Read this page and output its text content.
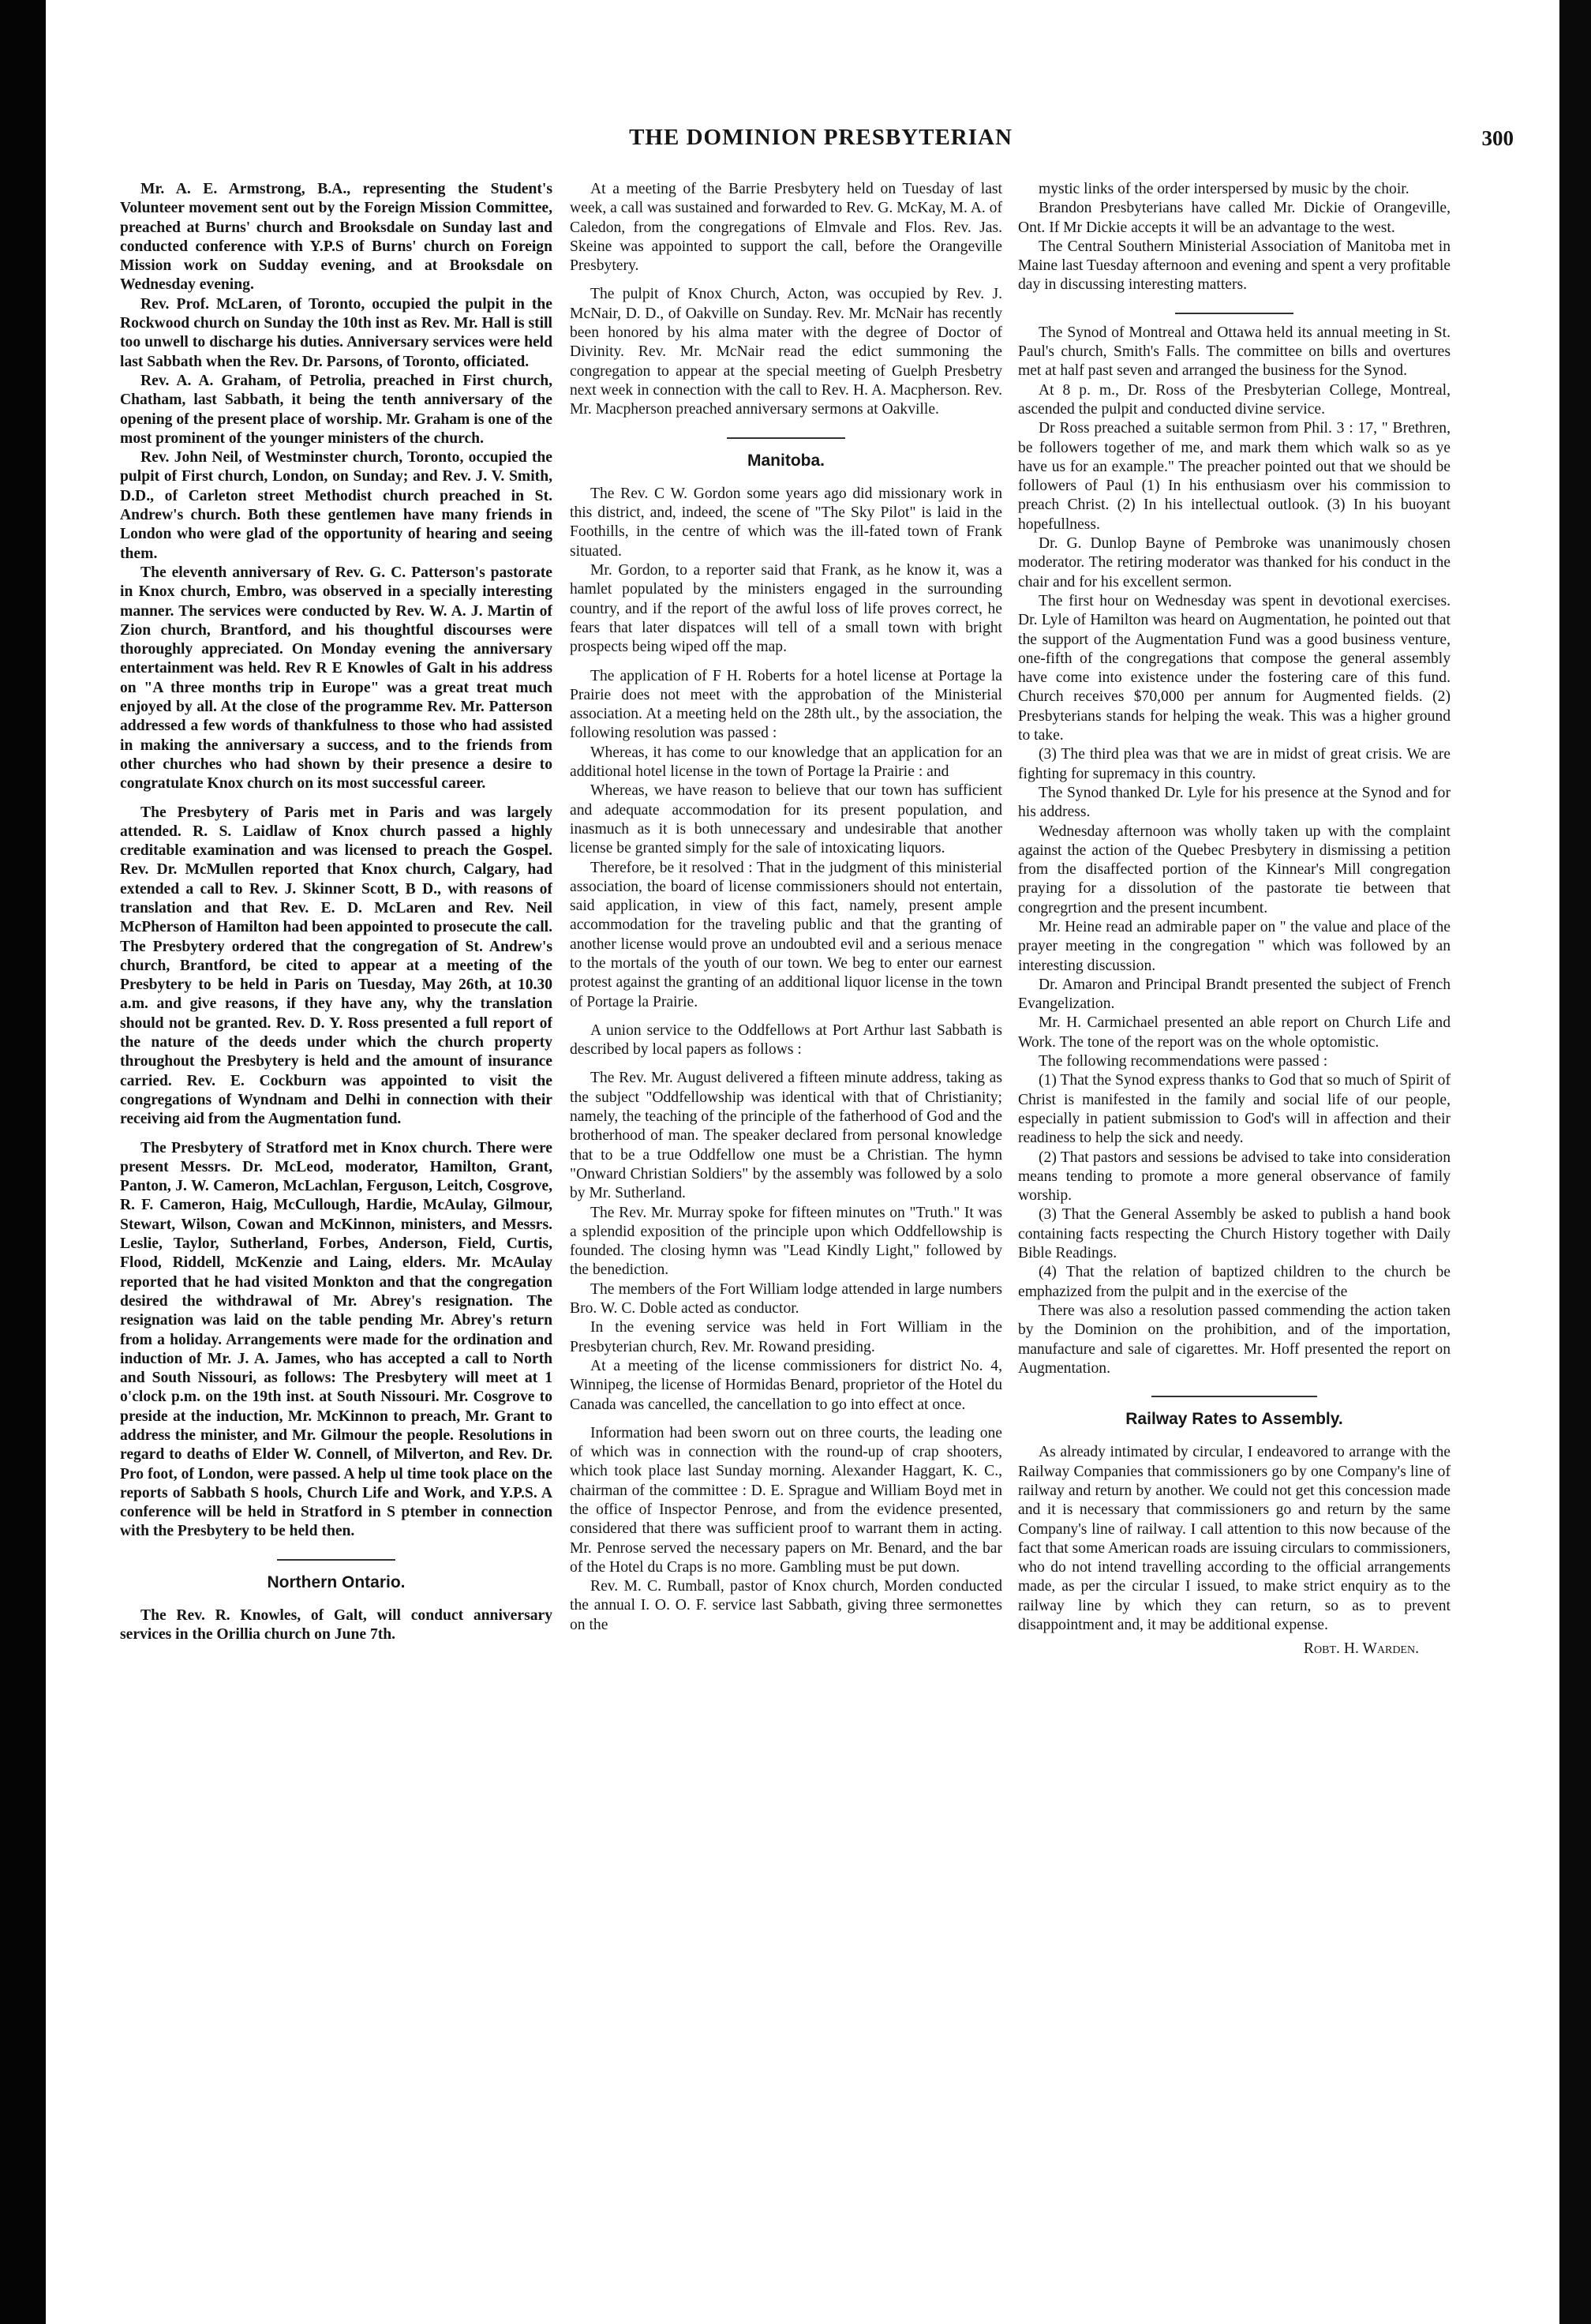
THE DOMINION PRESBYTERIAN	300

Mr. A. E. Armstrong, B.A., representing the Student's Volunteer movement sent out by the Foreign Mission Committee, preached at Burns' church and Brooksdale on Sunday last and conducted conference with Y.P.S of Burns' church on Foreign Mission work on Sudday evening, and at Brooksdale on Wednesday evening.

Rev. Prof. McLaren, of Toronto, occupied the pulpit in the Rockwood church on Sunday the 10th inst as Rev. Mr. Hall is still too unwell to discharge his duties. Anniversary services were held last Sabbath when the Rev. Dr. Parsons, of Toronto, officiated.

Rev. A. A. Graham, of Petrolia, preached in First church, Chatham, last Sabbath, it being the tenth anniversary of the opening of the present place of worship. Mr. Graham is one of the most prominent of the younger ministers of the church.

Rev. John Neil, of Westminster church, Toronto, occupied the pulpit of First church, London, on Sunday; and Rev. J. V. Smith, D.D., of Carleton street Methodist church preached in St. Andrew's church. Both these gentlemen have many friends in London who were glad of the opportunity of hearing and seeing them.

The eleventh anniversary of Rev. G. C. Patterson's pastorate in Knox church, Embro, was observed in a specially interesting manner. The services were conducted by Rev. W. A. J. Martin of Zion church, Brantford, and his thoughtful discourses were thoroughly appreciated. On Monday evening the anniversary entertainment was held. Rev R E Knowles of Galt in his address on "A three months trip in Europe" was a great treat much enjoyed by all. At the close of the programme Rev. Mr. Patterson addressed a few words of thankfulness to those who had assisted in making the anniversary a success, and to the friends from other churches who had shown by their presence a desire to congratulate Knox church on its most successful career.

The Presbytery of Paris met in Paris and was largely attended. R. S. Laidlaw of Knox church passed a highly creditable examination and was licensed to preach the Gospel. Rev. Dr. McMullen reported that Knox church, Calgary, had extended a call to Rev. J. Skinner Scott, B D., with reasons of translation and that Rev. E. D. McLaren and Rev. Neil McPherson of Hamilton had been appointed to prosecute the call. The Presbytery ordered that the congregation of St. Andrew's church, Brantford, be cited to appear at a meeting of the Presbytery to be held in Paris on Tuesday, May 26th, at 10.30 a.m. and give reasons, if they have any, why the translation should not be granted. Rev. D. Y. Ross presented a full report of the nature of the deeds under which the church property throughout the Presbytery is held and the amount of insurance carried. Rev. E. Cockburn was appointed to visit the congregations of Wyndnam and Delhi in connection with their receiving aid from the Augmentation fund.

The Presbytery of Stratford met in Knox church. There were present Messrs. Dr. McLeod, moderator, Hamilton, Grant, Panton, J. W. Cameron, McLachlan, Ferguson, Leitch, Cosgrove, R. F. Cameron, Haig, McCullough, Hardie, McAulay, Gilmour, Stewart, Wilson, Cowan and McKinnon, ministers, and Messrs. Leslie, Taylor, Sutherland, Forbes, Anderson, Field, Curtis, Flood, Riddell, McKenzie and Laing, elders. Mr. McAulay reported that he had visited Monkton and that the congregation desired the withdrawal of Mr. Abrey's resignation. The resignation was laid on the table pending Mr. Abrey's return from a holiday. Arrangements were made for the ordination and induction of Mr. J. A. James, who has accepted a call to North and South Nissouri, as follows: The Presbytery will meet at 1 o'clock p.m. on the 19th inst. at South Nissouri. Mr. Cosgrove to preside at the induction, Mr. McKinnon to preach, Mr. Grant to address the minister, and Mr. Gilmour the people. Resolutions in regard to deaths of Elder W. Connell, of Milverton, and Rev. Dr. Pro foot, of London, were passed. A help ul time took place on the reports of Sabbath S hools, Church Life and Work, and Y.P.S. A conference will be held in Stratford in S ptember in connection with the Presbytery to be held then.

Northern Ontario.

The Rev. R. Knowles, of Galt, will conduct anniversary services in the Orillia church on June 7th.

At a meeting of the Barrie Presbytery held on Tuesday of last week, a call was sustained and forwarded to Rev. G. McKay, M. A. of Caledon, from the congregations of Elmvale and Flos. Rev. Jas. Skeine was appointed to support the call, before the Orangeville Presbytery.

The pulpit of Knox Church, Acton, was occupied by Rev. J. McNair, D. D., of Oakville on Sunday. Rev. Mr. McNair has recently been honored by his alma mater with the degree of Doctor of Divinity. Rev. Mr. McNair read the edict summoning the congregation to appear at the special meeting of Guelph Presbetry next week in connection with the call to Rev. H. A. Macpherson. Rev. Mr. Macpherson preached anniversary sermons at Oakville.

Manitoba.

The Rev. C W. Gordon some years ago did missionary work in this district, and, indeed, the scene of "The Sky Pilot" is laid in the Foothills, in the centre of which was the ill-fated town of Frank situated.

Mr. Gordon, to a reporter said that Frank, as he know it, was a hamlet populated by the ministers engaged in the surrounding country, and if the report of the awful loss of life proves correct, he fears that later dispatces will tell of a small town with bright prospects being wiped off the map.

The application of F H. Roberts for a hotel license at Portage la Prairie does not meet with the approbation of the Ministerial association. At a meeting held on the 28th ult., by the association, the following resolution was passed :

Whereas, it has come to our knowledge that an application for an additional hotel license in the town of Portage la Prairie : and

Whereas, we have reason to believe that our town has sufficient and adequate accommodation for its present population, and inasmuch as it is both unnecessary and undesirable that another license be granted simply for the sale of intoxicating liquors.

Therefore, be it resolved : That in the judgment of this ministerial association, the board of license commissioners should not entertain, said application, in view of this fact, namely, present ample accommodation for the traveling public and that the granting of another license would prove an undoubted evil and a serious menace to the mortals of the youth of our town. We beg to enter our earnest protest against the granting of an additional liquor license in the town of Portage la Prairie.

A union service to the Oddfellows at Port Arthur last Sabbath is described by local papers as follows :

The Rev. Mr. August delivered a fifteen minute address, taking as the subject "Oddfellowship was identical with that of Christianity; namely, the teaching of the principle of the fatherhood of God and the brotherhood of man. The speaker declared from personal knowledge that to be a true Oddfellow one must be a Christian. The hymn "Onward Christian Soldiers" by the assembly was followed by a solo by Mr. Sutherland.

The Rev. Mr. Murray spoke for fifteen minutes on "Truth." It was a splendid exposition of the principle upon which Oddfellowship is founded. The closing hymn was "Lead Kindly Light," followed by the benediction.

The members of the Fort William lodge attended in large numbers Bro. W. C. Doble acted as conductor.

In the evening service was held in Fort William in the Presbyterian church, Rev. Mr. Rowand presiding.

At a meeting of the license commissioners for district No. 4, Winnipeg, the license of Hormidas Benard, proprietor of the Hotel du Canada was cancelled, the cancellation to go into effect at once.

Information had been sworn out on three courts, the leading one of which was in connection with the round-up of crap shooters, which took place last Sunday morning. Alexander Haggart, K. C., chairman of the committee : D. E. Sprague and William Boyd met in the office of Inspector Penrose, and from the evidence presented, considered that there was sufficient proof to warrant them in acting. Mr. Penrose served the necessary papers on Mr. Benard, and the bar of the Hotel du Craps is no more. Gambling must be put down.

Rev. M. C. Rumball, pastor of Knox church, Morden conducted the annual I. O. O. F. service last Sabbath, giving three sermonettes on the

mystic links of the order interspersed by music by the choir.

Brandon Presbyterians have called Mr. Dickie of Orangeville, Ont. If Mr Dickie accepts it will be an advantage to the west.

The Central Southern Ministerial Association of Manitoba met in Maine last Tuesday afternoon and evening and spent a very profitable day in discussing interesting matters.

The Synod of Montreal and Ottawa held its annual meeting in St. Paul's church, Smith's Falls. The committee on bills and overtures met at half past seven and arranged the business for the Synod.

At 8 p. m., Dr. Ross of the Presbyterian College, Montreal, ascended the pulpit and conducted divine service.

Dr Ross preached a suitable sermon from Phil. 3 : 17, " Brethren, be followers together of me, and mark them which walk so as ye have us for an example." The preacher pointed out that we should be followers of Paul (1) In his enthusiasm over his commission to preach Christ. (2) In his intellectual outlook. (3) In his buoyant hopefullness.

Dr. G. Dunlop Bayne of Pembroke was unanimously chosen moderator. The retiring moderator was thanked for his conduct in the chair and for his excellent sermon.

The first hour on Wednesday was spent in devotional exercises. Dr. Lyle of Hamilton was heard on Augmentation, he pointed out that the support of the Augmentation Fund was a good business venture, one-fifth of the congregations that compose the general assembly have come into existence under the fostering care of this fund. Church receives $70,000 per annum for Augmented fields. (2) Presbyterians stands for helping the weak. This was a higher ground to take.

(3) The third plea was that we are in midst of great crisis. We are fighting for supremacy in this country.

The Synod thanked Dr. Lyle for his presence at the Synod and for his address.

Wednesday afternoon was wholly taken up with the complaint against the action of the Quebec Presbytery in dismissing a petition from the disaffected portion of the Kinnear's Mill congregation praying for a dissolution of the pastorate tie between that congregrtion and the present incumbent.

Mr. Heine read an admirable paper on " the value and place of the prayer meeting in the congregation " which was followed by an interesting discussion.

Dr. Amaron and Principal Brandt presented the subject of French Evangelization.

Mr. H. Carmichael presented an able report on Church Life and Work. The tone of the report was on the whole optomistic.

The following recommendations were passed :

(1) That the Synod express thanks to God that so much of Spirit of Christ is manifested in the family and social life of our people, especially in patient submission to God's will in affection and their readiness to help the sick and needy.

(2) That pastors and sessions be advised to take into consideration means tending to promote a more general observance of family worship.

(3) That the General Assembly be asked to publish a hand book containing facts respecting the Church History together with Daily Bible Readings.

(4) That the relation of baptized children to the church be emphazized from the pulpit and in the exercise of the

There was also a resolution passed commending the action taken by the Dominion on the prohibition, and of the importation, manufacture and sale of cigarettes. Mr. Hoff presented the report on Augmentation.

Railway Rates to Assembly.

As already intimated by circular, I endeavored to arrange with the Railway Companies that commissioners go by one Company's line of railway and return by another. We could not get this concession made and it is necessary that commissioners go and return by the same Company's line of railway. I call attention to this now because of the fact that some American roads are issuing circulars to commissioners, who do not intend travelling according to the official arrangements made, as per the circular I issued, to make strict enquiry as to the railway line by which they can return, so as to prevent disappointment and, it may be additional expense.

Robt. H. Warden.
